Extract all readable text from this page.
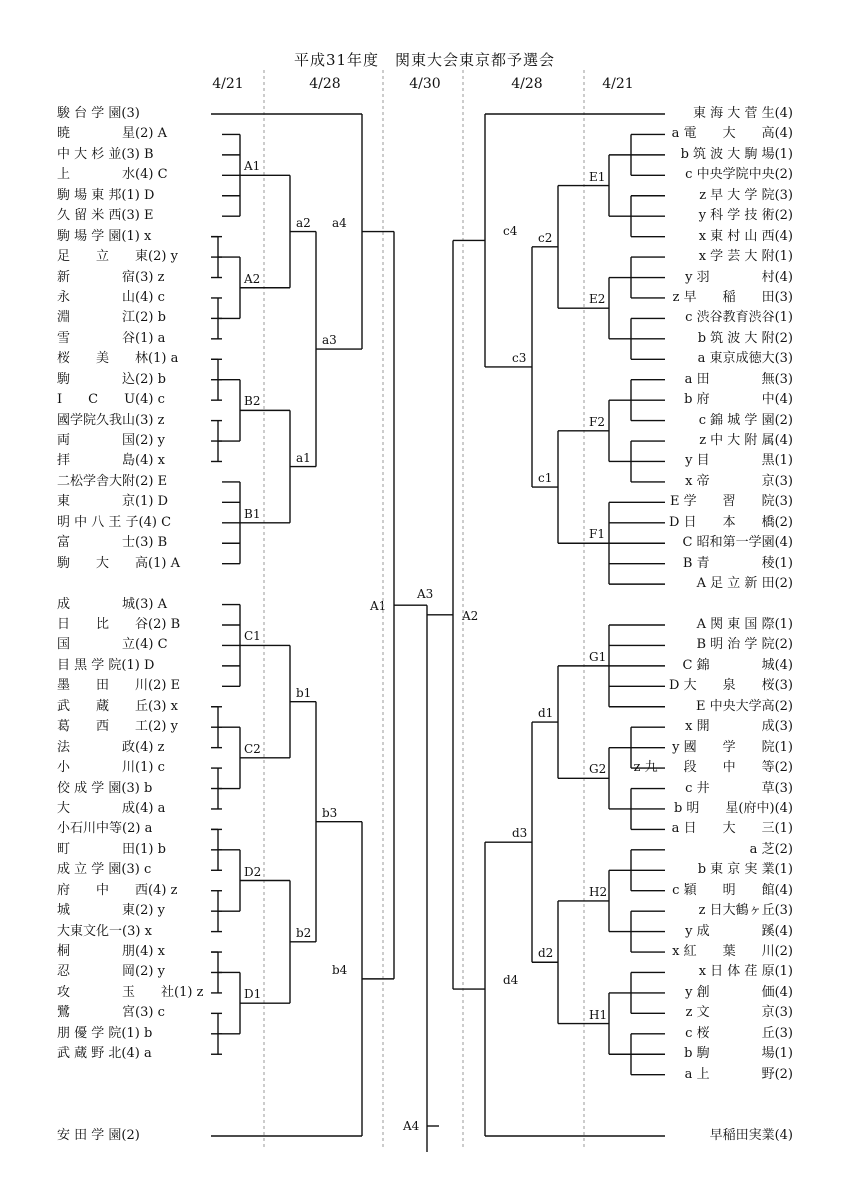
平成31年度　関東大会東京都予選会
4/21	4/28	4/30	4/28	4/21
駿 台 学 園(3)
安 田 学 園(2)
暁　　　　星(2) A
中 大 杉 並(3) B
上　　　　水(4) C
駒 場 東 邦(1) D
久 留 米 西(3) E
駒 場 学 園(1) x
足　　立　　東(2) y
新　　　　宿(3) z
永　　　　山(4) c
淵　　　　江(2) b
雪　　　　谷(1) a
桜　　美　　林(1) a
駒　　　　込(2) b
I　　C　　U(4) c
國学院久我山(3) z
両　　　　国(2) y
拝　　　　島(4) x
二松学舎大附(2) E
東　　　　京(1) D
明 中 八 王 子(4) C
富　　　　士(3) B
駒　　大　　高(1) A
成　　　　城(3) A
日　　比　　谷(2) B
国　　　　立(4) C
目 黒 学 院(1) D
墨　　田　　川(2) E
武　　蔵　　丘(3) x
葛　　西　　工(2) y
法　　　　政(4) z
小　　　　川(1) c
佼 成 学 園(3) b
大　　　　成(4) a
小石川中等(2) a
町　　　　田(1) b
成 立 学 園(3) c
府　　中　　西(4) z
城　　　　東(2) y
大東文化一(3) x
桐　　　　朋(4) x
忍　　　　岡(2) y
攻　　　　玉　　社(1) z
鷺　　　　宮(3) c
朋 優 学 院(1) b
武 蔵 野 北(4) a
東 海 大 菅 生(4)
早稲田実業(4)
a 電　　大　　高(4)
b 筑 波 大 駒 場(1)
c 中央学院中央(2)
z 早 大 学 院(3)
y 科 学 技 術(2)
x 東 村 山 西(4)
x 学 芸 大 附(1)
y 羽　　　　村(4)
z 早　　稲　　田(3)
c 渋谷教育渋谷(1)
b 筑 波 大 附(2)
a 東京成徳大(3)
a 田　　　　無(3)
b 府　　　　中(4)
c 錦 城 学 園(2)
z 中 大 附 属(4)
y 目　　　　黒(1)
x 帝　　　　京(3)
E 学　　習　　院(3)
D 日　　本　　橋(2)
C 昭和第一学園(4)
B 青　　　　稜(1)
A 足 立 新 田(2)
A 関 東 国 際(1)
B 明 治 学 院(2)
C 錦　　　　城(4)
D 大　　泉　　桜(3)
E 中央大学高(2)
x 開　　　　成(3)
y 國　　学　　院(1)
z 九　　段　　中　　等(2)
c 井　　　　草(3)
b 明　　星(府中)(4)
a 日　　大　　三(1)
a 芝(2)
b 東 京 実 業(1)
c 穎　　明　　館(4)
z 日大鶴ヶ丘(3)
y 成　　　　蹊(4)
x 紅　　葉　　川(2)
x 日 体 荏 原(1)
y 創　　　　価(4)
z 文　　　　京(3)
c 桜　　　　丘(3)
b 駒　　　　場(1)
a 上　　　　野(2)
A1
A2
B2
B1
C1
C2
D2
D1
a2
a1
a3
b1
b2
b3
a4
b4
A1
E1
E2
F2
F1
G1
G2
H2
H1
c2
c1
c3
d1
d2
d3
c4
d4
A2
A3
A4
